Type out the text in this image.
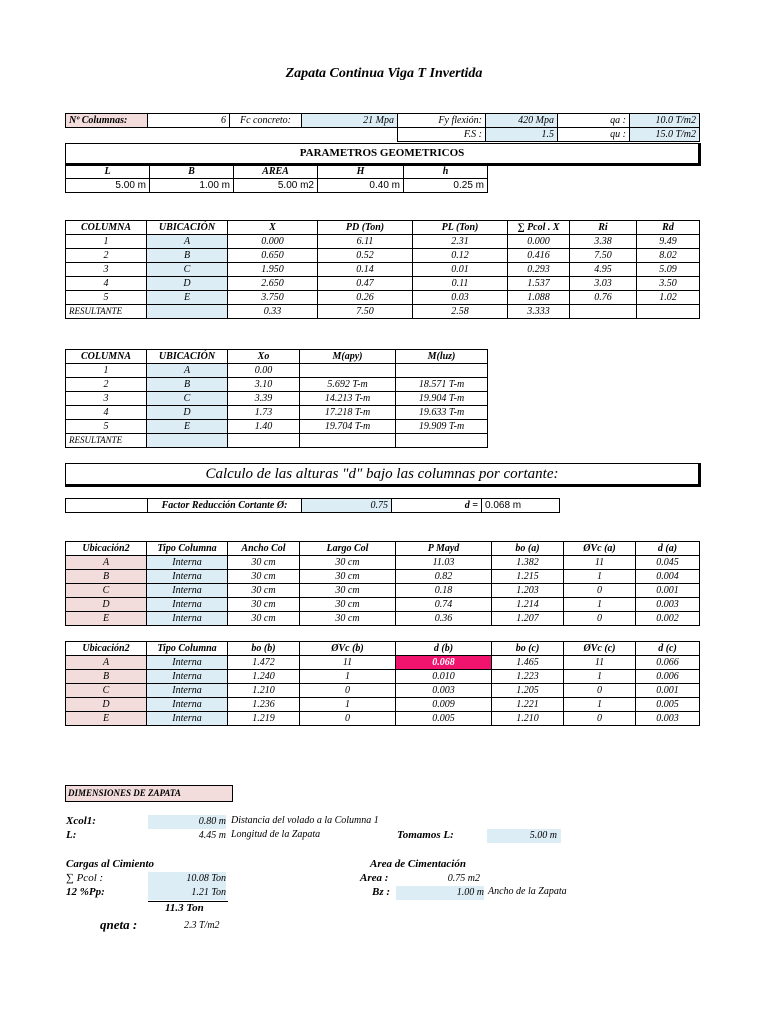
Zapata Continua Viga T Invertida
Nº Columnas:	6	Fc concreto:	21 Mpa	Fy flexión:	420 Mpa	qa :	10.0 T/m2
				F.S :	1.5	qu :	15.0 T/m2
PARAMETROS GEOMETRICOS
L	B	AREA	H	h
5.00 m	1.00 m	5.00 m2	0.40 m	0.25 m
COLUMNA	UBICACIÓN	X	PD (Ton)	PL (Ton)	∑ Pcol . X	Ri	Rd
1	A	0.000	6.11	2.31	0.000	3.38	9.49
2	B	0.650	0.52	0.12	0.416	7.50	8.02
3	C	1.950	0.14	0.01	0.293	4.95	5.09
4	D	2.650	0.47	0.11	1.537	3.03	3.50
5	E	3.750	0.26	0.03	1.088	0.76	1.02
RESULTANTE		0.33	7.50	2.58	3.333		
COLUMNA	UBICACIÓN	Xo	M(apy)	M(luz)
1	A	0.00		
2	B	3.10	5.692 T-m	18.571 T-m
3	C	3.39	14.213 T-m	19.904 T-m
4	D	1.73	17.218 T-m	19.633 T-m
5	E	1.40	19.704 T-m	19.909 T-m
RESULTANTE				
Calculo de las alturas "d" bajo las columnas por cortante:
	Factor Reducción Cortante Ø:	0.75	d =	0.068 m
Ubicación2	Tipo Columna	Ancho Col	Largo Col	P Mayd	bo (a)	ØVc (a)	d (a)
A	Interna	30 cm	30 cm	11.03	1.382	11	0.045
B	Interna	30 cm	30 cm	0.82	1.215	1	0.004
C	Interna	30 cm	30 cm	0.18	1.203	0	0.001
D	Interna	30 cm	30 cm	0.74	1.214	1	0.003
E	Interna	30 cm	30 cm	0.36	1.207	0	0.002
Ubicación2	Tipo Columna	bo (b)	ØVc (b)	d (b)	bo (c)	ØVc (c)	d (c)
A	Interna	1.472	11	0.068	1.465	11	0.066
B	Interna	1.240	1	0.010	1.223	1	0.006
C	Interna	1.210	0	0.003	1.205	0	0.001
D	Interna	1.236	1	0.009	1.221	1	0.005
E	Interna	1.219	0	0.005	1.210	0	0.003
DIMENSIONES DE ZAPATA
Xcol1:	0.80 m Distancia del volado a la Columna 1
L:	4.45 m Longitud de la Zapata	Tomamos L:	5.00 m
Cargas al Cimiento	Area de Cimentación
∑ Pcol :	10.08 Ton	Area :	0.75 m2
12 %Pp:	1.21 Ton	Bz :	1.00 m Ancho de la Zapata
11.3 Ton
qneta :	2.3 T/m2
